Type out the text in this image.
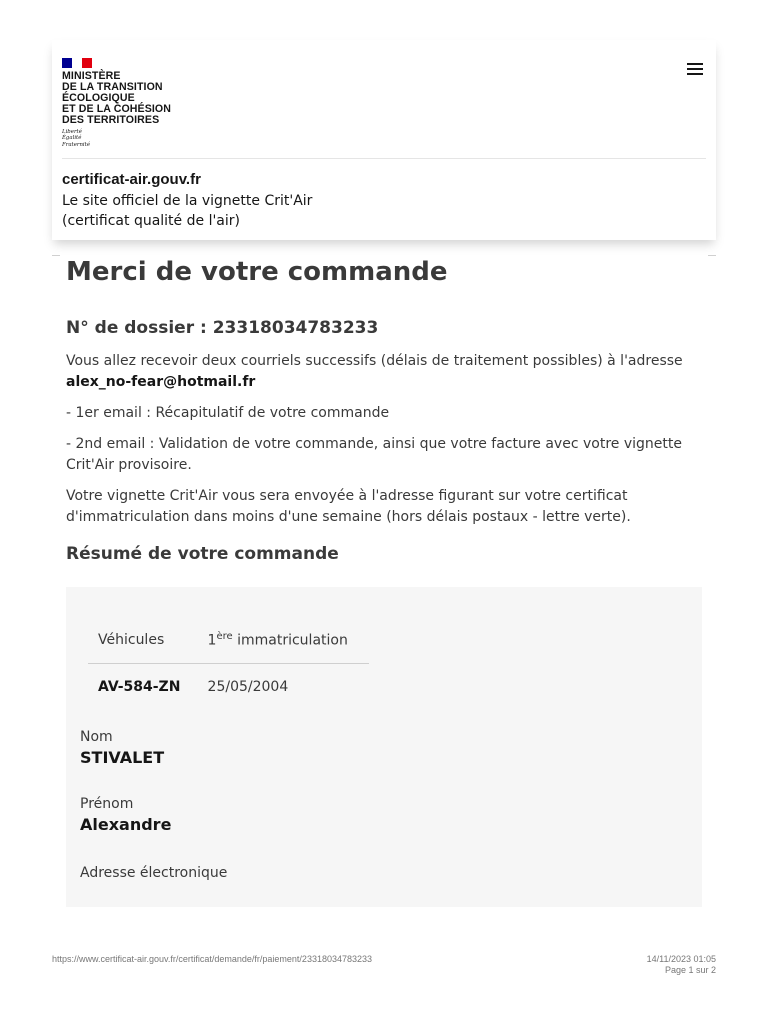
MINISTÈRE
DE LA TRANSITION
ÉCOLOGIQUE
ET DE LA COHÉSION
DES TERRITOIRES
Liberté
Égalité
Fraternité
certificat-air.gouv.fr
Le site officiel de la vignette Crit'Air
(certificat qualité de l'air)
Merci de votre commande
N° de dossier : 23318034783233
Vous allez recevoir deux courriels successifs (délais de traitement possibles) à l'adresse
alex_no-fear@hotmail.fr
- 1er email : Récapitulatif de votre commande
- 2nd email : Validation de votre commande, ainsi que votre facture avec votre vignette Crit'Air provisoire.
Votre vignette Crit'Air vous sera envoyée à l'adresse figurant sur votre certificat d'immatriculation dans moins d'une semaine (hors délais postaux - lettre verte).
Résumé de votre commande
Véhicules	1ère immatriculation
AV-584-ZN	25/05/2004
Nom
STIVALET
Prénom
Alexandre
Adresse électronique
https://www.certificat-air.gouv.fr/certificat/demande/fr/paiement/23318034783233	14/11/2023 01:05
Page 1 sur 2
